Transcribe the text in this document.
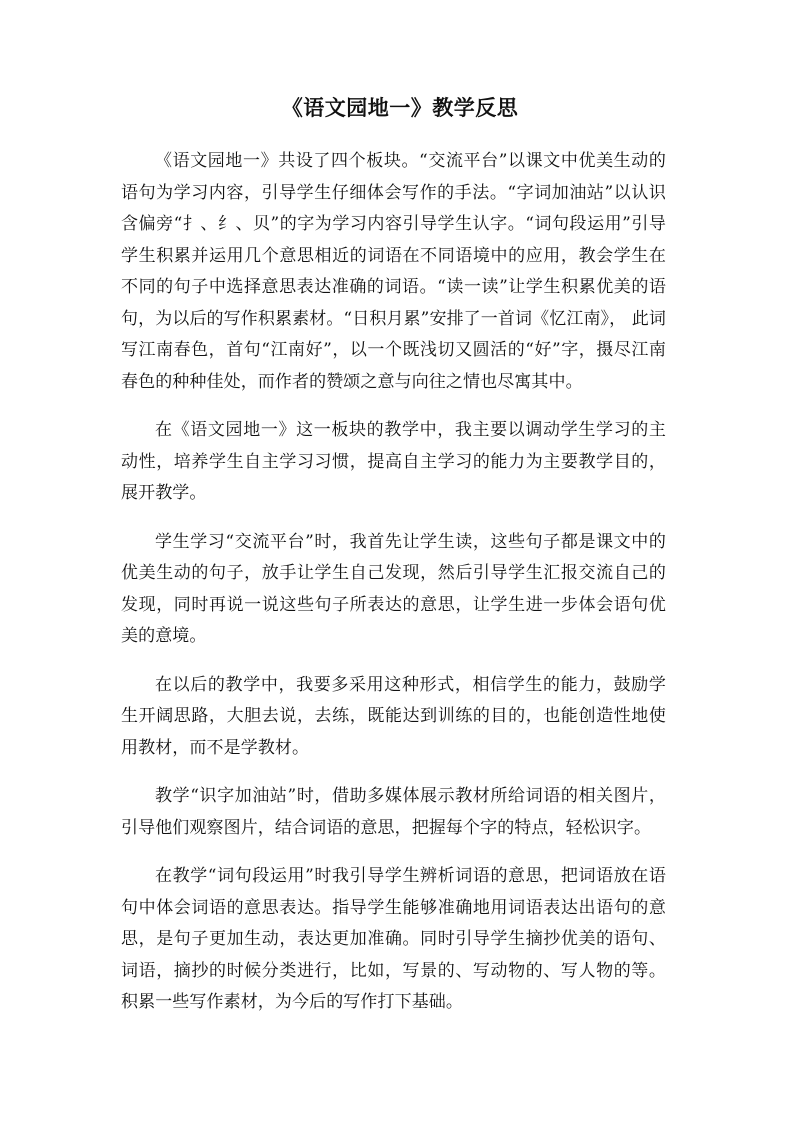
《语文园地一》教学反思

《语文园地一》共设了四个板块。“交流平台”以课文中优美生动的语句为学习内容，引导学生仔细体会写作的手法。“字词加油站”以认识含偏旁“扌、纟、贝”的字为学习内容引导学生认字。“词句段运用”引导学生积累并运用几个意思相近的词语在不同语境中的应用，教会学生在不同的句子中选择意思表达准确的词语。“读一读”让学生积累优美的语句，为以后的写作积累素材。“日积月累”安排了一首词《忆江南》， 此词写江南春色，首句“江南好”，以一个既浅切又圆活的“好”字，摄尽江南春色的种种佳处，而作者的赞颂之意与向往之情也尽寓其中。

在《语文园地一》这一板块的教学中，我主要以调动学生学习的主动性，培养学生自主学习习惯，提高自主学习的能力为主要教学目的，展开教学。

学生学习“交流平台”时，我首先让学生读，这些句子都是课文中的优美生动的句子，放手让学生自己发现，然后引导学生汇报交流自己的发现，同时再说一说这些句子所表达的意思，让学生进一步体会语句优美的意境。

在以后的教学中，我要多采用这种形式，相信学生的能力，鼓励学生开阔思路，大胆去说，去练，既能达到训练的目的，也能创造性地使用教材，而不是学教材。

教学“识字加油站”时，借助多媒体展示教材所给词语的相关图片，引导他们观察图片，结合词语的意思，把握每个字的特点，轻松识字。

在教学“词句段运用”时我引导学生辨析词语的意思，把词语放在语句中体会词语的意思表达。指导学生能够准确地用词语表达出语句的意思，是句子更加生动，表达更加准确。同时引导学生摘抄优美的语句、词语，摘抄的时候分类进行，比如，写景的、写动物的、写人物的等。积累一些写作素材，为今后的写作打下基础。
